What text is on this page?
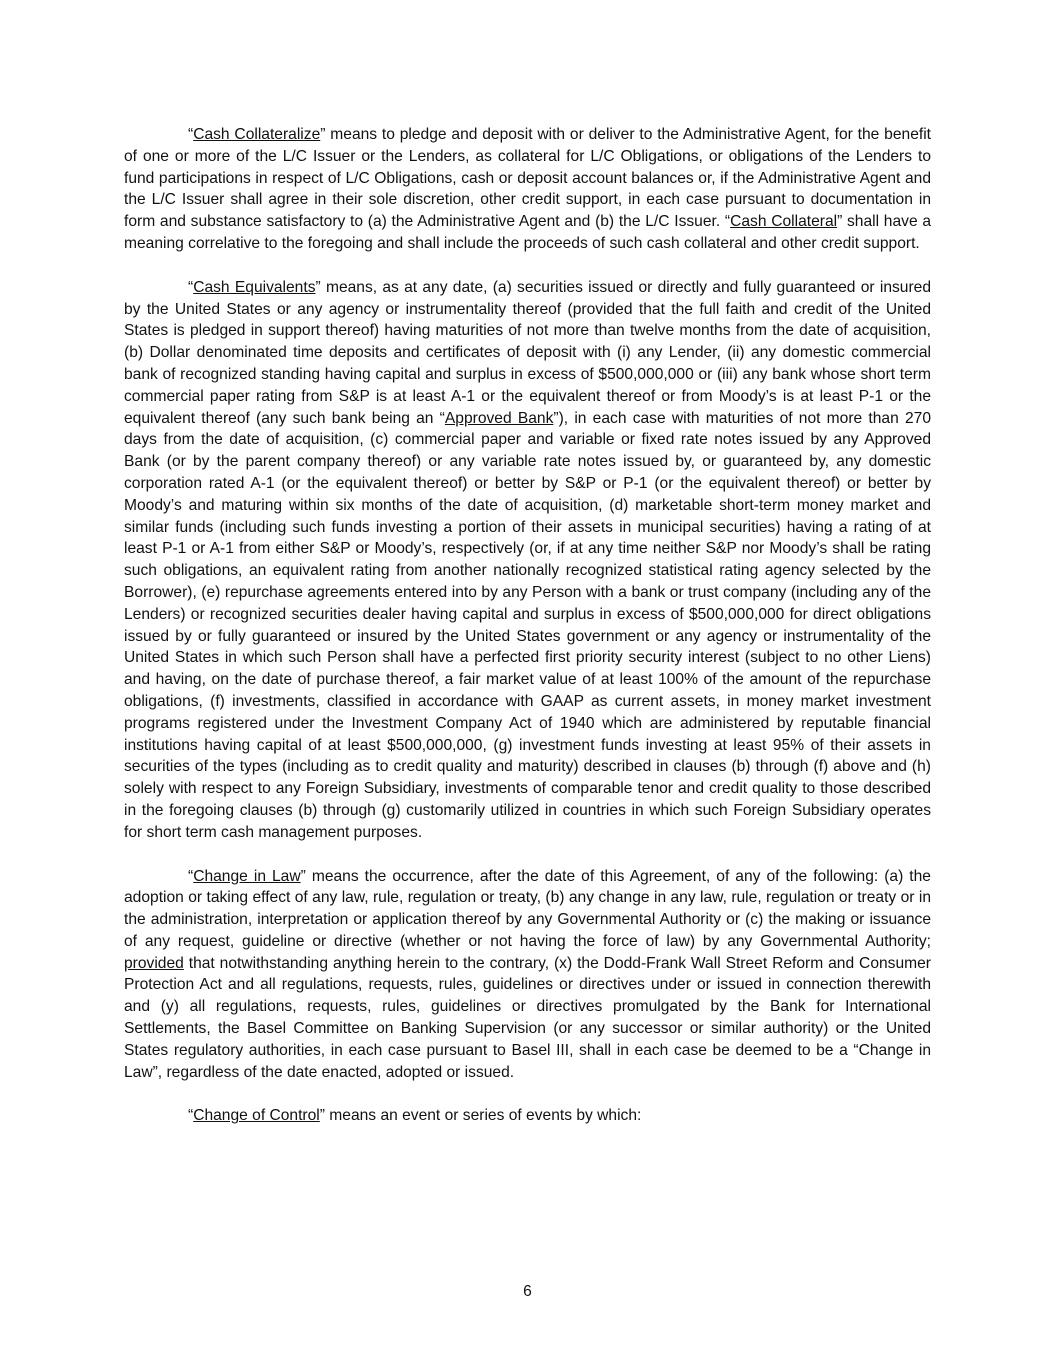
“Cash Collateralize” means to pledge and deposit with or deliver to the Administrative Agent, for the benefit of one or more of the L/C Issuer or the Lenders, as collateral for L/C Obligations, or obligations of the Lenders to fund participations in respect of L/C Obligations, cash or deposit account balances or, if the Administrative Agent and the L/C Issuer shall agree in their sole discretion, other credit support, in each case pursuant to documentation in form and substance satisfactory to (a) the Administrative Agent and (b) the L/C Issuer. “Cash Collateral” shall have a meaning correlative to the foregoing and shall include the proceeds of such cash collateral and other credit support.

“Cash Equivalents” means, as at any date, (a) securities issued or directly and fully guaranteed or insured by the United States or any agency or instrumentality thereof (provided that the full faith and credit of the United States is pledged in support thereof) having maturities of not more than twelve months from the date of acquisition, (b) Dollar denominated time deposits and certificates of deposit with (i) any Lender, (ii) any domestic commercial bank of recognized standing having capital and surplus in excess of $500,000,000 or (iii) any bank whose short term commercial paper rating from S&P is at least A-1 or the equivalent thereof or from Moody’s is at least P-1 or the equivalent thereof (any such bank being an “Approved Bank”), in each case with maturities of not more than 270 days from the date of acquisition, (c) commercial paper and variable or fixed rate notes issued by any Approved Bank (or by the parent company thereof) or any variable rate notes issued by, or guaranteed by, any domestic corporation rated A-1 (or the equivalent thereof) or better by S&P or P-1 (or the equivalent thereof) or better by Moody’s and maturing within six months of the date of acquisition, (d) marketable short-term money market and similar funds (including such funds investing a portion of their assets in municipal securities) having a rating of at least P-1 or A-1 from either S&P or Moody’s, respectively (or, if at any time neither S&P nor Moody’s shall be rating such obligations, an equivalent rating from another nationally recognized statistical rating agency selected by the Borrower), (e) repurchase agreements entered into by any Person with a bank or trust company (including any of the Lenders) or recognized securities dealer having capital and surplus in excess of $500,000,000 for direct obligations issued by or fully guaranteed or insured by the United States government or any agency or instrumentality of the United States in which such Person shall have a perfected first priority security interest (subject to no other Liens) and having, on the date of purchase thereof, a fair market value of at least 100% of the amount of the repurchase obligations, (f) investments, classified in accordance with GAAP as current assets, in money market investment programs registered under the Investment Company Act of 1940 which are administered by reputable financial institutions having capital of at least $500,000,000, (g) investment funds investing at least 95% of their assets in securities of the types (including as to credit quality and maturity) described in clauses (b) through (f) above and (h) solely with respect to any Foreign Subsidiary, investments of comparable tenor and credit quality to those described in the foregoing clauses (b) through (g) customarily utilized in countries in which such Foreign Subsidiary operates for short term cash management purposes.

“Change in Law” means the occurrence, after the date of this Agreement, of any of the following: (a) the adoption or taking effect of any law, rule, regulation or treaty, (b) any change in any law, rule, regulation or treaty or in the administration, interpretation or application thereof by any Governmental Authority or (c) the making or issuance of any request, guideline or directive (whether or not having the force of law) by any Governmental Authority; provided that notwithstanding anything herein to the contrary, (x) the Dodd-Frank Wall Street Reform and Consumer Protection Act and all regulations, requests, rules, guidelines or directives under or issued in connection therewith and (y) all regulations, requests, rules, guidelines or directives promulgated by the Bank for International Settlements, the Basel Committee on Banking Supervision (or any successor or similar authority) or the United States regulatory authorities, in each case pursuant to Basel III, shall in each case be deemed to be a “Change in Law”, regardless of the date enacted, adopted or issued.

“Change of Control” means an event or series of events by which:

6
